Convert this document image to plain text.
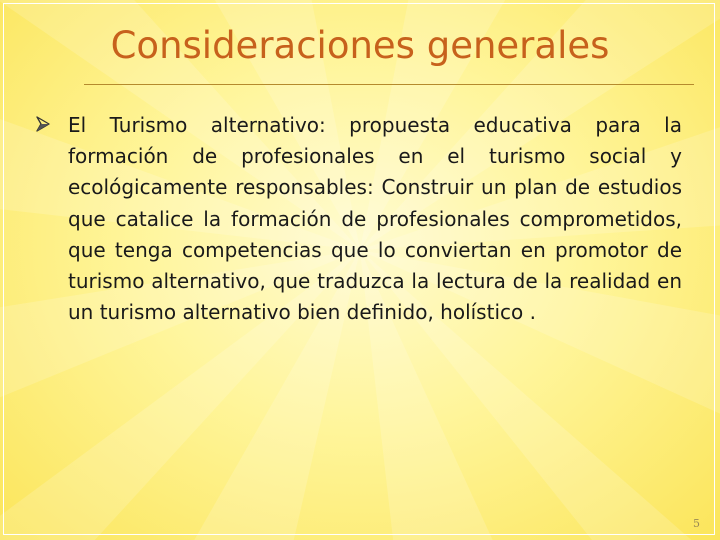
Consideraciones generales

El Turismo alternativo: propuesta educativa para la formación de profesionales en el turismo social y ecológicamente responsables: Construir un plan de estudios que catalice la formación de profesionales comprometidos, que tenga competencias que lo conviertan en promotor de turismo alternativo, que traduzca la lectura de la realidad en un turismo alternativo bien definido, holístico .

5
